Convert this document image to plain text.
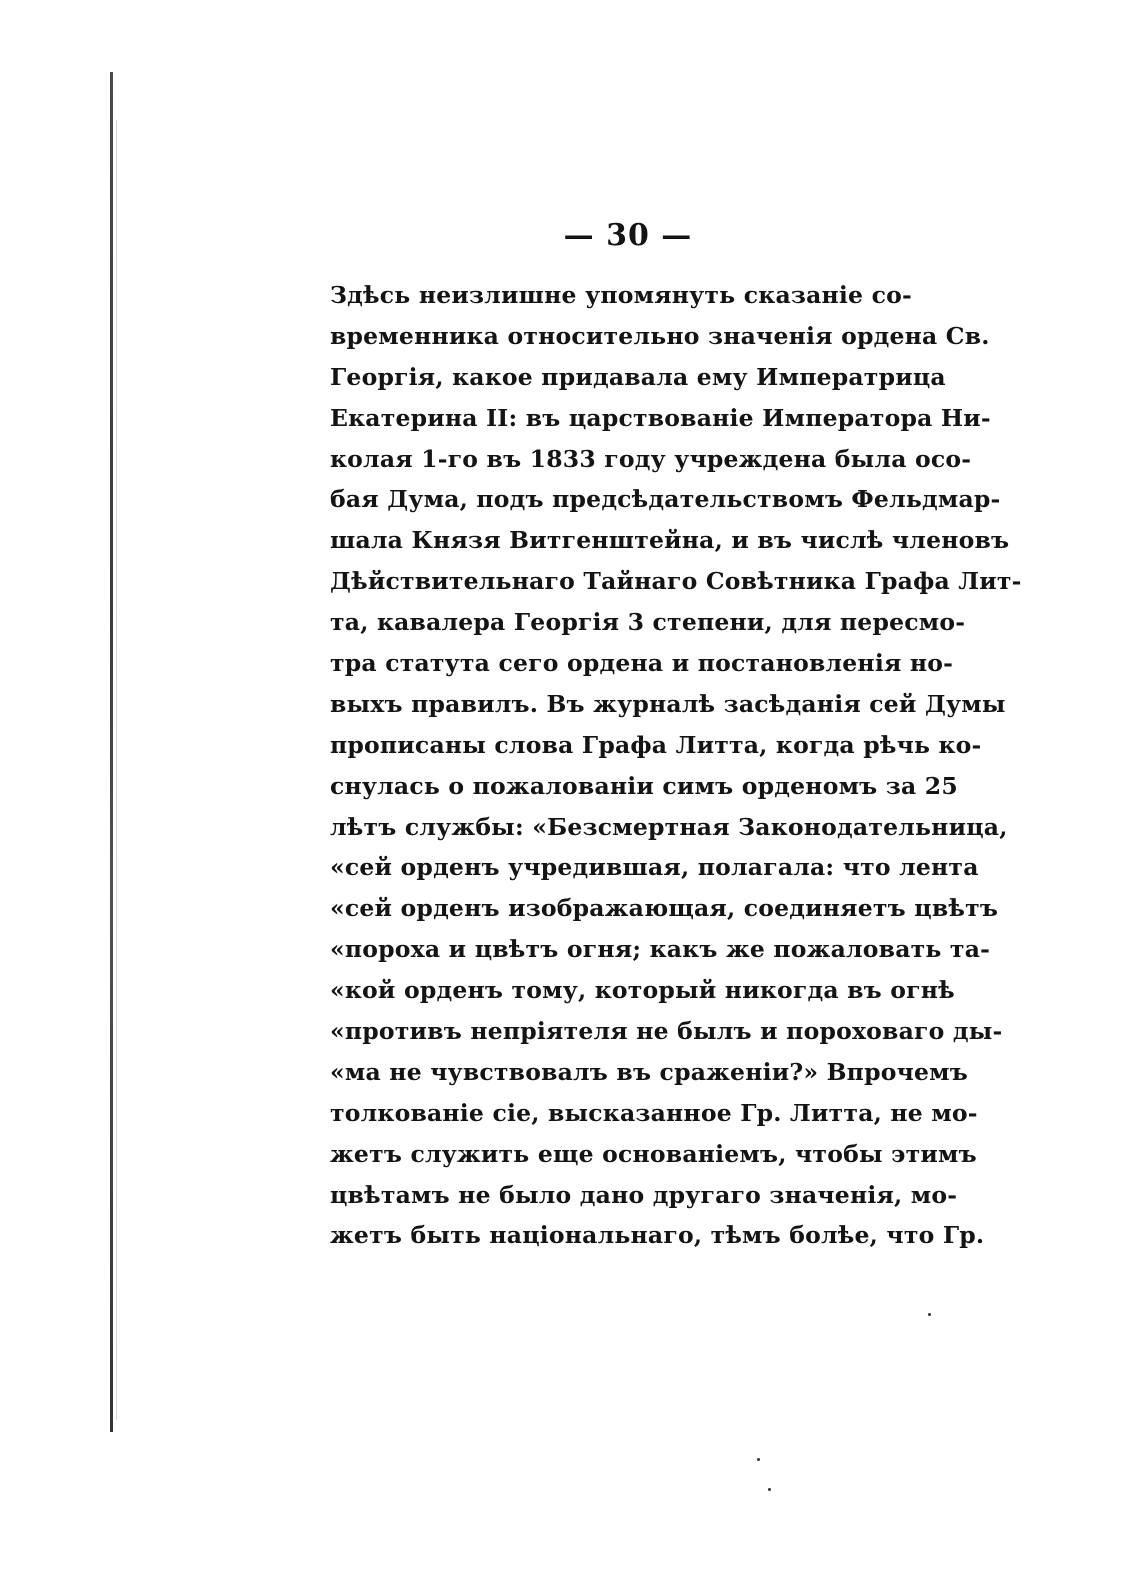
— 30 —
Здѣсь неизлишне упомянуть сказаніе со-
временника относительно значенія ордена Св.
Георгія, какое придавала ему Императрица
Екатерина II: въ царствованіе Императора Ни-
колая 1-го въ 1833 году учреждена была осо-
бая Дума, подъ предсѣдательствомъ Фельдмар-
шала Князя Витгенштейна, и въ числѣ членовъ
Дѣйствительнаго Тайнаго Совѣтника Графа Лит-
та, кавалера Георгія 3 степени, для пересмо-
тра статута сего ордена и постановленія но-
выхъ правилъ. Въ журналѣ засѣданія сей Думы
прописаны слова Графа Литта, когда рѣчь ко-
снулась о пожалованіи симъ орденомъ за 25
лѣтъ службы: «Безсмертная Законодательница,
«сей орденъ учредившая, полагала: что лента
«сей орденъ изображающая, соединяетъ цвѣтъ
«пороха и цвѣтъ огня; какъ же пожаловать та-
«кой орденъ тому, который никогда въ огнѣ
«противъ непріятеля не былъ и пороховаго ды-
«ма не чувствовалъ въ сраженіи?» Впрочемъ
толкованіе сіе, высказанное Гр. Литта, не мо-
жетъ служить еще основаніемъ, чтобы этимъ
цвѣтамъ не было дано другаго значенія, мо-
жетъ быть національнаго, тѣмъ болѣе, что Гр.
